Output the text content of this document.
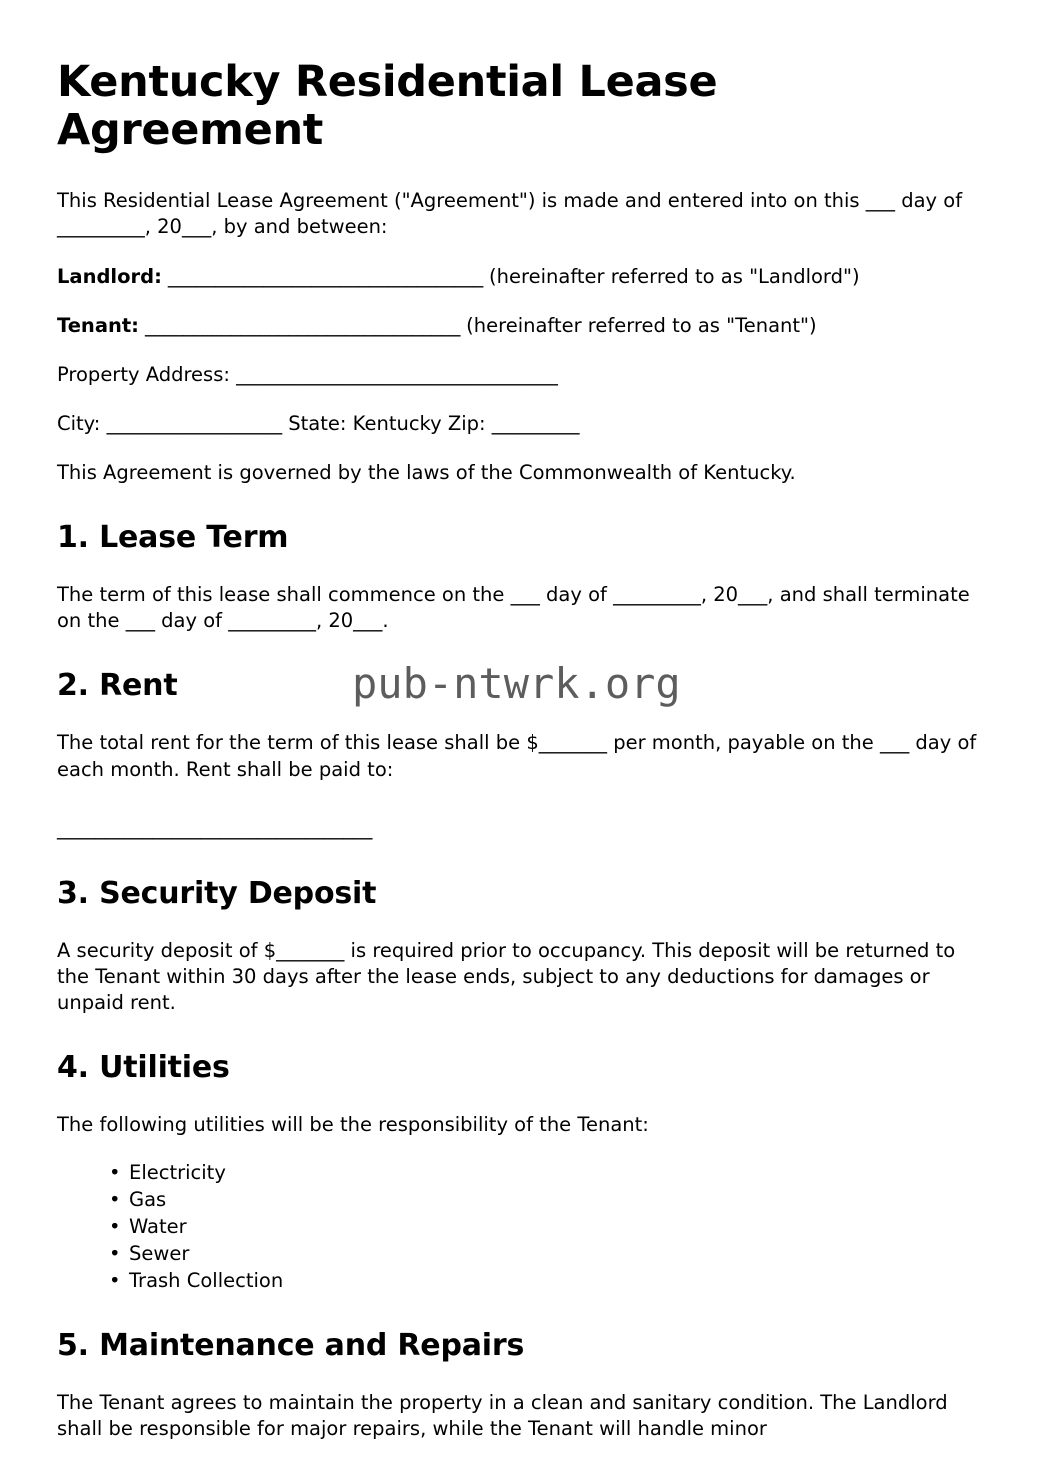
Kentucky Residential Lease Agreement

This Residential Lease Agreement ("Agreement") is made and entered into on this ___ day of _________, 20___, by and between:

Landlord: _________________________________ (hereinafter referred to as "Landlord")

Tenant: _________________________________ (hereinafter referred to as "Tenant")

Property Address: _________________________________

City: __________________ State: Kentucky Zip: _________

This Agreement is governed by the laws of the Commonwealth of Kentucky.

1. Lease Term

The term of this lease shall commence on the ___ day of _________, 20___, and shall terminate on the ___ day of _________, 20___.

2. Rent

The total rent for the term of this lease shall be $_______ per month, payable on the ___ day of each month. Rent shall be paid to:

_________________________________
3. Security Deposit

A security deposit of $_______ is required prior to occupancy. This deposit will be returned to the Tenant within 30 days after the lease ends, subject to any deductions for damages or unpaid rent.

4. Utilities

The following utilities will be the responsibility of the Tenant:

• Electricity
• Gas
• Water
• Sewer
• Trash Collection
5. Maintenance and Repairs

The Tenant agrees to maintain the property in a clean and sanitary condition. The Landlord shall be responsible for major repairs, while the Tenant will handle minor

pub-ntwrk.org
